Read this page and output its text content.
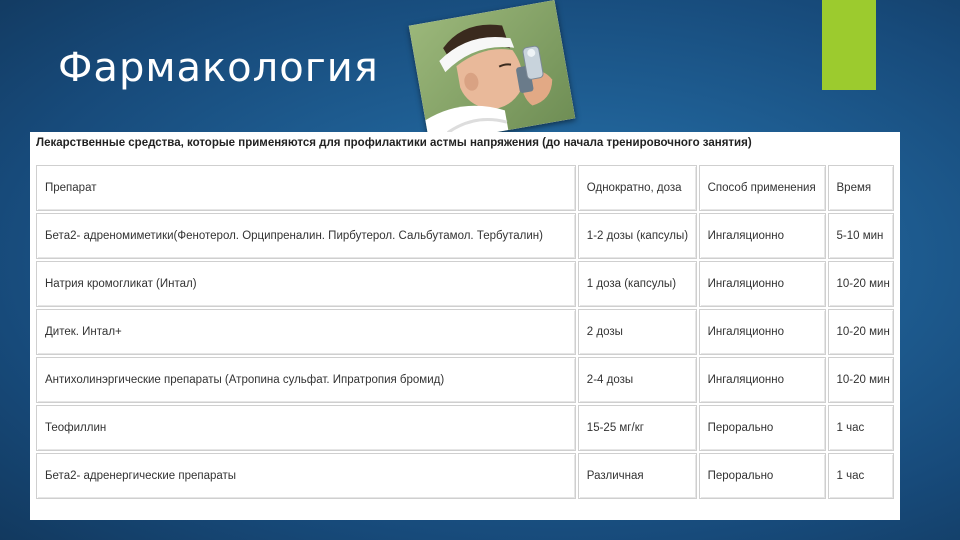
Фармакология
Лекарственные средства, которые применяются для профилактики астмы напряжения (до начала тренировочного занятия)
Препарат	Однократно, доза	Способ применения	Время
Бета2- адреномиметики(Фенотерол. Орципреналин. Пирбутерол. Сальбутамол. Тербуталин)	1-2 дозы (капсулы)	Ингаляционно	5-10 мин
Натрия кромогликат (Интал)	1 доза (капсулы)	Ингаляционно	10-20 мин
Дитек. Интал+	2 дозы	Ингаляционно	10-20 мин
Антихолинэргические препараты (Атропина сульфат. Ипратропия бромид)	2-4 дозы	Ингаляционно	10-20 мин
Теофиллин	15-25 мг/кг	Перорально	1 час
Бета2- адренергические препараты	Различная	Перорально	1 час
